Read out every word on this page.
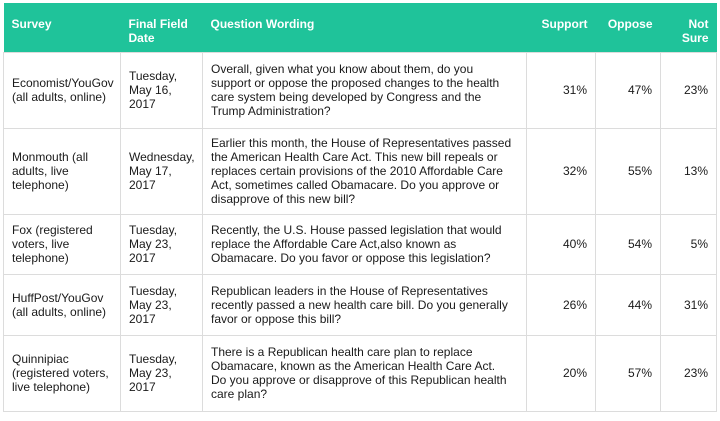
Survey	Final Field Date	Question Wording	Support	Oppose	Not Sure
Economist/YouGov (all adults, online)	Tuesday, May 16, 2017	Overall, given what you know about them, do you support or oppose the proposed changes to the health care system being developed by Congress and the Trump Administration?	31%	47%	23%
Monmouth (all adults, live telephone)	Wednesday, May 17, 2017	Earlier this month, the House of Representatives passed the American Health Care Act. This new bill repeals or replaces certain provisions of the 2010 Affordable Care Act, sometimes called Obamacare. Do you approve or disapprove of this new bill?	32%	55%	13%
Fox (registered voters, live telephone)	Tuesday, May 23, 2017	Recently, the U.S. House passed legislation that would replace the Affordable Care Act,also known as Obamacare. Do you favor or oppose this legislation?	40%	54%	5%
HuffPost/YouGov (all adults, online)	Tuesday, May 23, 2017	Republican leaders in the House of Representatives recently passed a new health care bill. Do you generally favor or oppose this bill?	26%	44%	31%
Quinnipiac (registered voters, live telephone)	Tuesday, May 23, 2017	There is a Republican health care plan to replace Obamacare, known as the American Health Care Act. Do you approve or disapprove of this Republican health care plan?	20%	57%	23%
